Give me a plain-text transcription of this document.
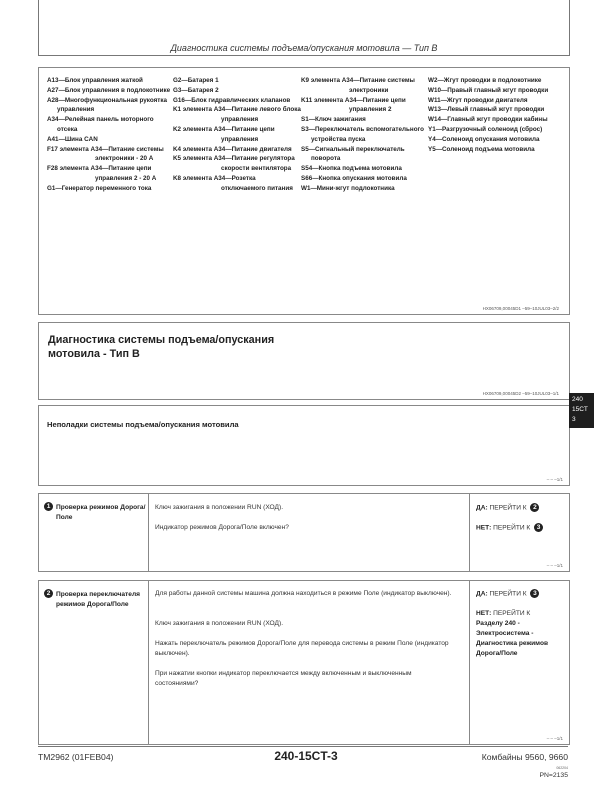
Диагностика системы подъема/опускания мотовила — Тип B
A13—Блок управления жаткой
A27—Блок управления в подлокотнике
A28—Многофункциональная рукоятка управления
A34—Релейная панель моторного отсека
A41—Шина CAN
F17 элемента A34—Питание системы электроники - 20 A
F28 элемента A34—Питание цепи управления 2 - 20 A
G1—Генератор переменного тока
G2—Батарея 1
G3—Батарея 2
G16—Блок гидравлических клапанов
K1 элемента A34—Питание левого блока управления
K2 элемента A34—Питание цепи управления
K4 элемента A34—Питание двигателя
K5 элемента A34—Питание регулятора скорости вентилятора
K8 элемента A34—Розетка отключаемого питания
K9 элемента A34—Питание системы электроники
K11 элемента A34—Питание цепи управления 2
S1—Ключ зажигания
S3—Переключатель вспомогательного устройства пуска
S5—Сигнальный переключатель поворота
S54—Кнопка подъема мотовила
S66—Кнопка опускания мотовила
W1—Мини-жгут подлокотника
W2—Жгут проводки в подлокотнике
W10—Правый главный жгут проводки
W11—Жгут проводки двигателя
W13—Левый главный жгут проводки
W14—Главный жгут проводки кабины
Y1—Разгрузочный соленоид (сброс)
Y4—Соленоид опускания мотовила
Y5—Соленоид подъема мотовила
HX06709,00045D1 –59–10JUL03–2/2
Диагностика системы подъема/опускания мотовила - Тип B
HX06709,00045D2 –59–10JUL03–1/1
Неполадки системы подъема/опускания мотовила
– – –1/1
1 Проверка режимов Дорога/Поле
Ключ зажигания в положении RUN (ХОД).
Индикатор режимов Дорога/Поле включен?
ДА: ПЕРЕЙТИ К 2
НЕТ: ПЕРЕЙТИ К 3
– – –1/1
2 Проверка переключателя режимов Дорога/Поле
Для работы данной системы машина должна находиться в режиме Поле (индикатор выключен).
Ключ зажигания в положении RUN (ХОД).
Нажать переключатель режимов Дорога/Поле для перевода системы в режим Поле (индикатор выключен).
При нажатии кнопки индикатор переключается между включенным и выключенным состояниями?
ДА: ПЕРЕЙТИ К 3
НЕТ: ПЕРЕЙТИ К
Разделу 240 - Электросистема - Диагностика режимов Дорога/Поле
– – –1/1
240
15CT
3
TM2962 (01FEB04)	240-15CT-3	Комбайны 9560, 9660
062204
PN=2135
